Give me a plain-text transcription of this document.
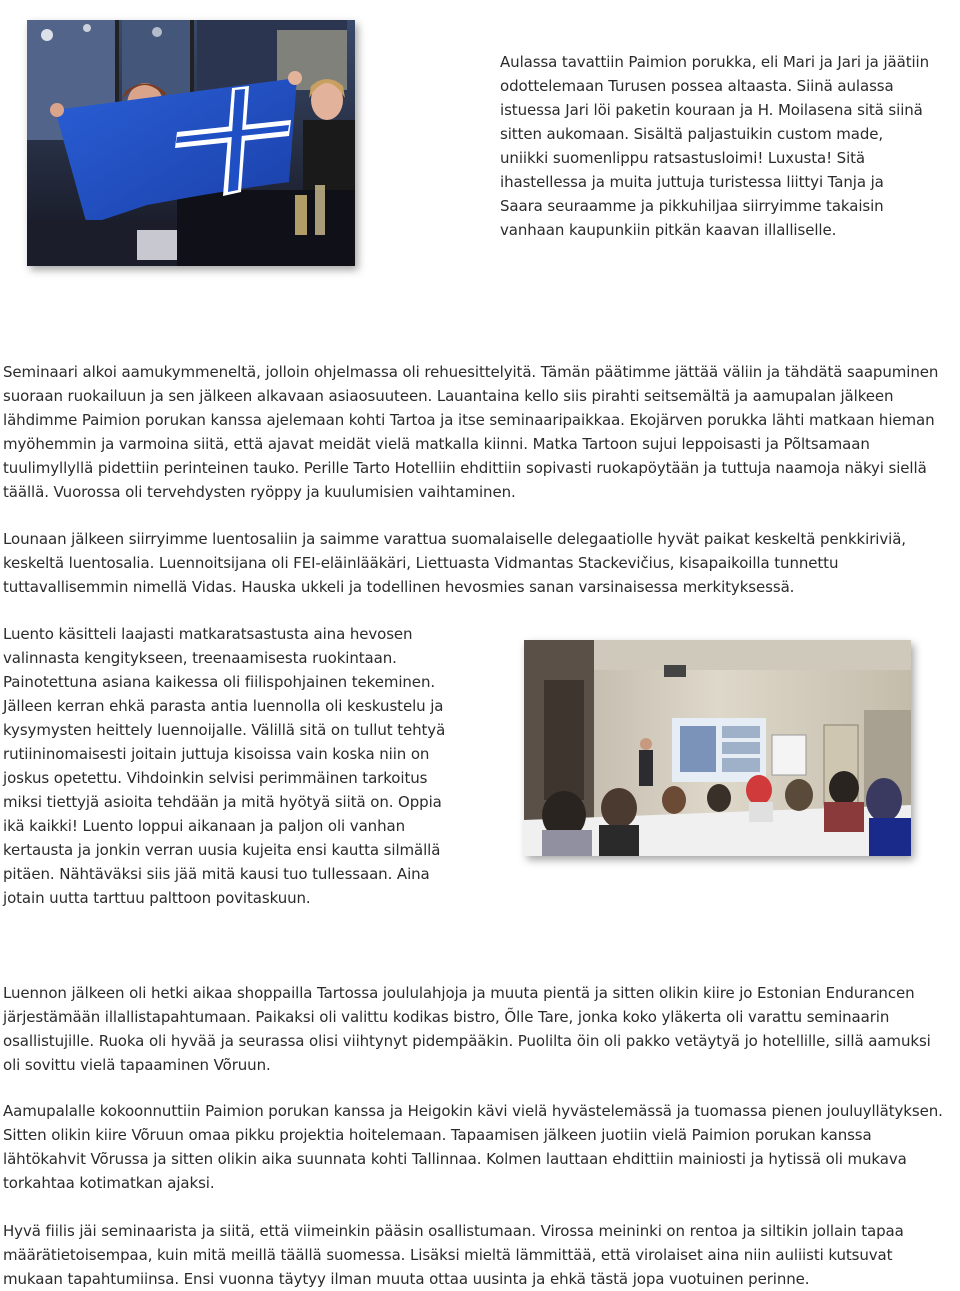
Aulassa tavattiin Paimion porukka, eli Mari ja Jari ja jäätiin odottelemaan Turusen possea altaasta. Siinä aulassa istuessa Jari löi paketin kouraan ja H. Moilasena sitä siinä sitten aukomaan. Sisältä paljastuikin custom made, uniikki suomenlippu ratsastusloimi! Luxusta! Sitä ihastellessa ja muita juttuja turistessa liittyi Tanja ja Saara seuraamme ja pikkuhiljaa siirryimme takaisin vanhaan kaupunkiin pitkän kaavan illalliselle.

Seminaari alkoi aamukymmeneltä, jolloin ohjelmassa oli rehuesittelyitä. Tämän päätimme jättää väliin ja tähdätä saapuminen suoraan ruokailuun ja sen jälkeen alkavaan asiaosuuteen. Lauantaina kello siis pirahti seitsemältä ja aamupalan jälkeen lähdimme Paimion porukan kanssa ajelemaan kohti Tartoa ja itse seminaaripaikkaa. Ekojärven porukka lähti matkaan hieman myöhemmin ja varmoina siitä, että ajavat meidät vielä matkalla kiinni. Matka Tartoon sujui leppoisasti ja Põltsamaan tuulimyllyllä pidettiin perinteinen tauko. Perille Tarto Hotelliin ehdittiin sopivasti ruokapöytään ja tuttuja naamoja näkyi siellä täällä. Vuorossa oli tervehdysten ryöppy ja kuulumisien vaihtaminen.

Lounaan jälkeen siirryimme luentosaliin ja saimme varattua suomalaiselle delegaatiolle hyvät paikat keskeltä penkkiriviä, keskeltä luentosalia. Luennoitsijana oli FEI-eläinlääkäri, Liettuasta Vidmantas Stackevičius, kisapaikoilla tunnettu tuttavallisemmin nimellä Vidas. Hauska ukkeli ja todellinen hevosmies sanan varsinaisessa merkityksessä.

Luento käsitteli laajasti matkaratsastusta aina hevosen valinnasta kengitykseen, treenaamisesta ruokintaan. Painotettuna asiana kaikessa oli fiilispohjainen tekeminen. Jälleen kerran ehkä parasta antia luennolla oli keskustelu ja kysymysten heittely luennoijalle. Välillä sitä on tullut tehtyä rutiininomaisesti joitain juttuja kisoissa vain koska niin on joskus opetettu. Vihdoinkin selvisi perimmäinen tarkoitus miksi tiettyjä asioita tehdään ja mitä hyötyä siitä on. Oppia ikä kaikki! Luento loppui aikanaan ja paljon oli vanhan kertausta ja jonkin verran uusia kujeita ensi kautta silmällä pitäen. Nähtäväksi siis jää mitä kausi tuo tullessaan. Aina jotain uutta tarttuu palttoon povitaskuun.

Luennon jälkeen oli hetki aikaa shoppailla Tartossa joululahjoja ja muuta pientä ja sitten olikin kiire jo Estonian Endurancen järjestämään illallistapahtumaan. Paikaksi oli valittu kodikas bistro, Õlle Tare, jonka koko yläkerta oli varattu seminaarin osallistujille. Ruoka oli hyvää ja seurassa olisi viihtynyt pidempääkin. Puolilta öin oli pakko vetäytyä jo hotellille, sillä aamuksi oli sovittu vielä tapaaminen Võruun.

Aamupalalle kokoonnuttiin Paimion porukan kanssa ja Heigokin kävi vielä hyvästelemässä ja tuomassa pienen jouluyllätyksen. Sitten olikin kiire Võruun omaa pikku projektia hoitelemaan. Tapaamisen jälkeen juotiin vielä Paimion porukan kanssa lähtökahvit Võrussa ja sitten olikin aika suunnata kohti Tallinnaa. Kolmen lauttaan ehdittiin mainiosti ja hytissä oli mukava torkahtaa kotimatkan ajaksi.

Hyvä fiilis jäi seminaarista ja siitä, että viimeinkin pääsin osallistumaan. Virossa meininki on rentoa ja siltikin jollain tapaa määrätietoisempaa, kuin mitä meillä täällä suomessa. Lisäksi mieltä lämmittää, että virolaiset aina niin auliisti kutsuvat mukaan tapahtumiinsa. Ensi vuonna täytyy ilman muuta ottaa uusinta ja ehkä tästä jopa vuotuinen perinne.
